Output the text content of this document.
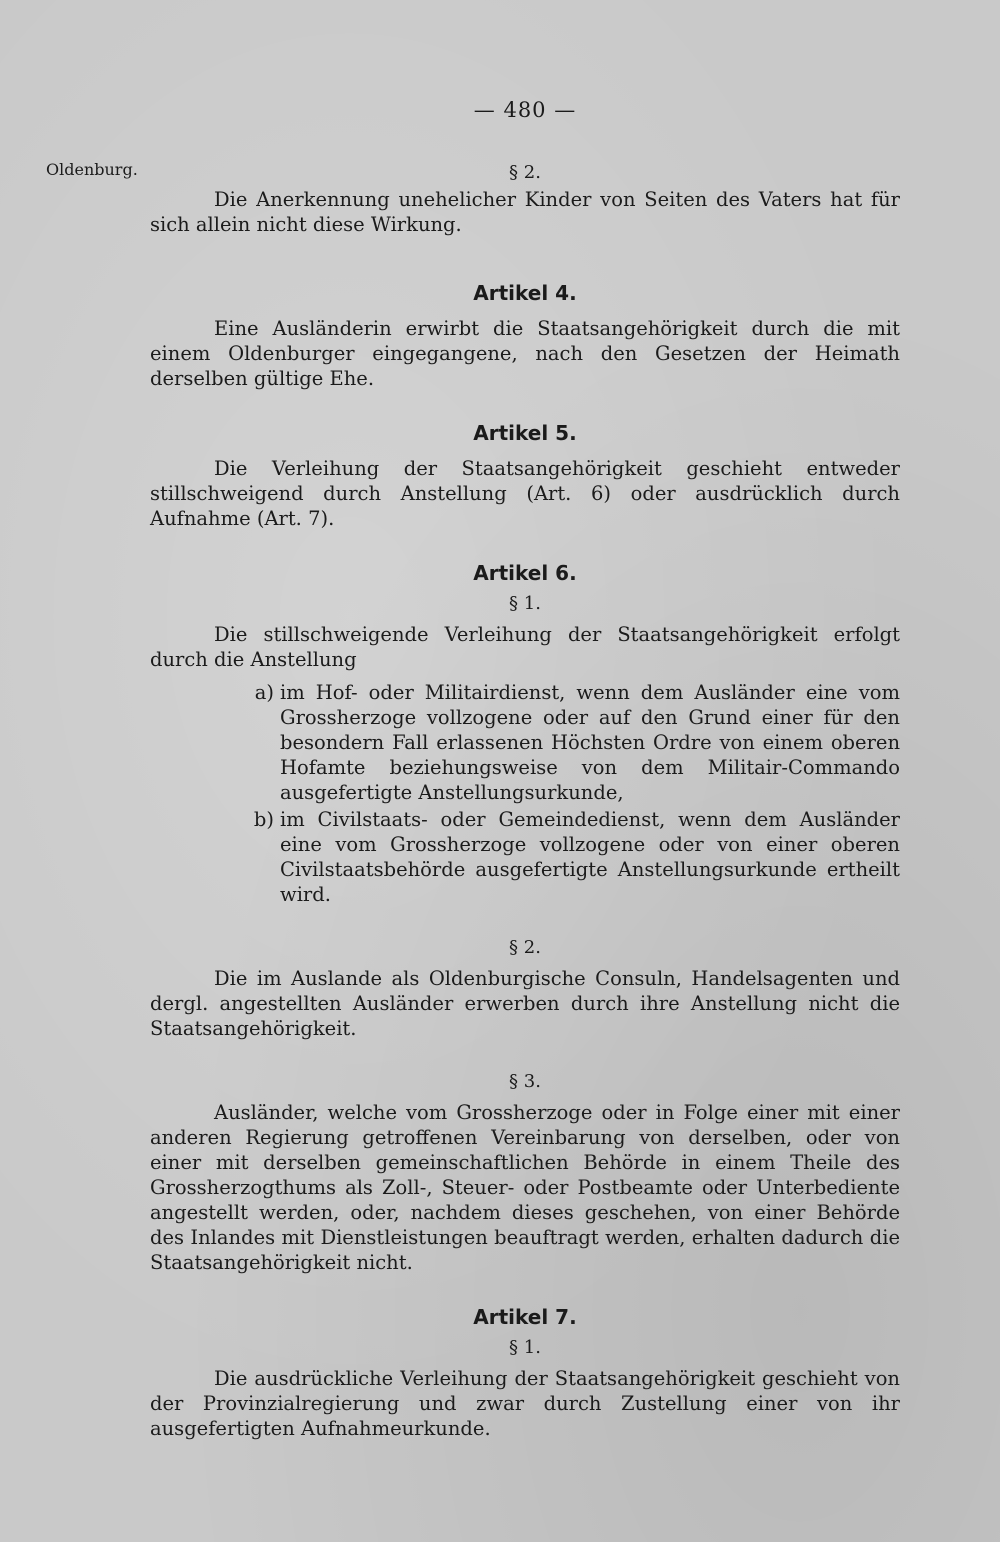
— 480 —
Oldenburg.	§ 2.

Die Anerkennung unehelicher Kinder von Seiten des Vaters hat für sich allein nicht diese Wirkung.

Artikel 4.

Eine Ausländerin erwirbt die Staatsangehörigkeit durch die mit einem Oldenburger eingegangene, nach den Gesetzen der Heimath derselben gültige Ehe.

Artikel 5.

Die Verleihung der Staatsangehörigkeit geschieht entweder stillschweigend durch Anstellung (Art. 6) oder ausdrücklich durch Aufnahme (Art. 7).

Artikel 6.

§ 1.

Die stillschweigende Verleihung der Staatsangehörigkeit erfolgt durch die Anstellung

a) im Hof- oder Militairdienst, wenn dem Ausländer eine vom Grossherzoge vollzogene oder auf den Grund einer für den besondern Fall erlassenen Höchsten Ordre von einem oberen Hofamte beziehungsweise von dem Militair-Commando ausgefertigte Anstellungsurkunde,
b) im Civilstaats- oder Gemeindedienst, wenn dem Ausländer eine vom Grossherzoge vollzogene oder von einer oberen Civilstaatsbehörde ausgefertigte Anstellungsurkunde ertheilt wird.

§ 2.

Die im Auslande als Oldenburgische Consuln, Handelsagenten und dergl. angestellten Ausländer erwerben durch ihre Anstellung nicht die Staatsangehörigkeit.

§ 3.

Ausländer, welche vom Grossherzoge oder in Folge einer mit einer anderen Regierung getroffenen Vereinbarung von derselben, oder von einer mit derselben gemeinschaftlichen Behörde in einem Theile des Grossherzogthums als Zoll-, Steuer- oder Postbeamte oder Unterbediente angestellt werden, oder, nachdem dieses geschehen, von einer Behörde des Inlandes mit Dienstleistungen beauftragt werden, erhalten dadurch die Staatsangehörigkeit nicht.

Artikel 7.

§ 1.

Die ausdrückliche Verleihung der Staatsangehörigkeit geschieht von der Provinzialregierung und zwar durch Zustellung einer von ihr ausgefertigten Aufnahmeurkunde.
